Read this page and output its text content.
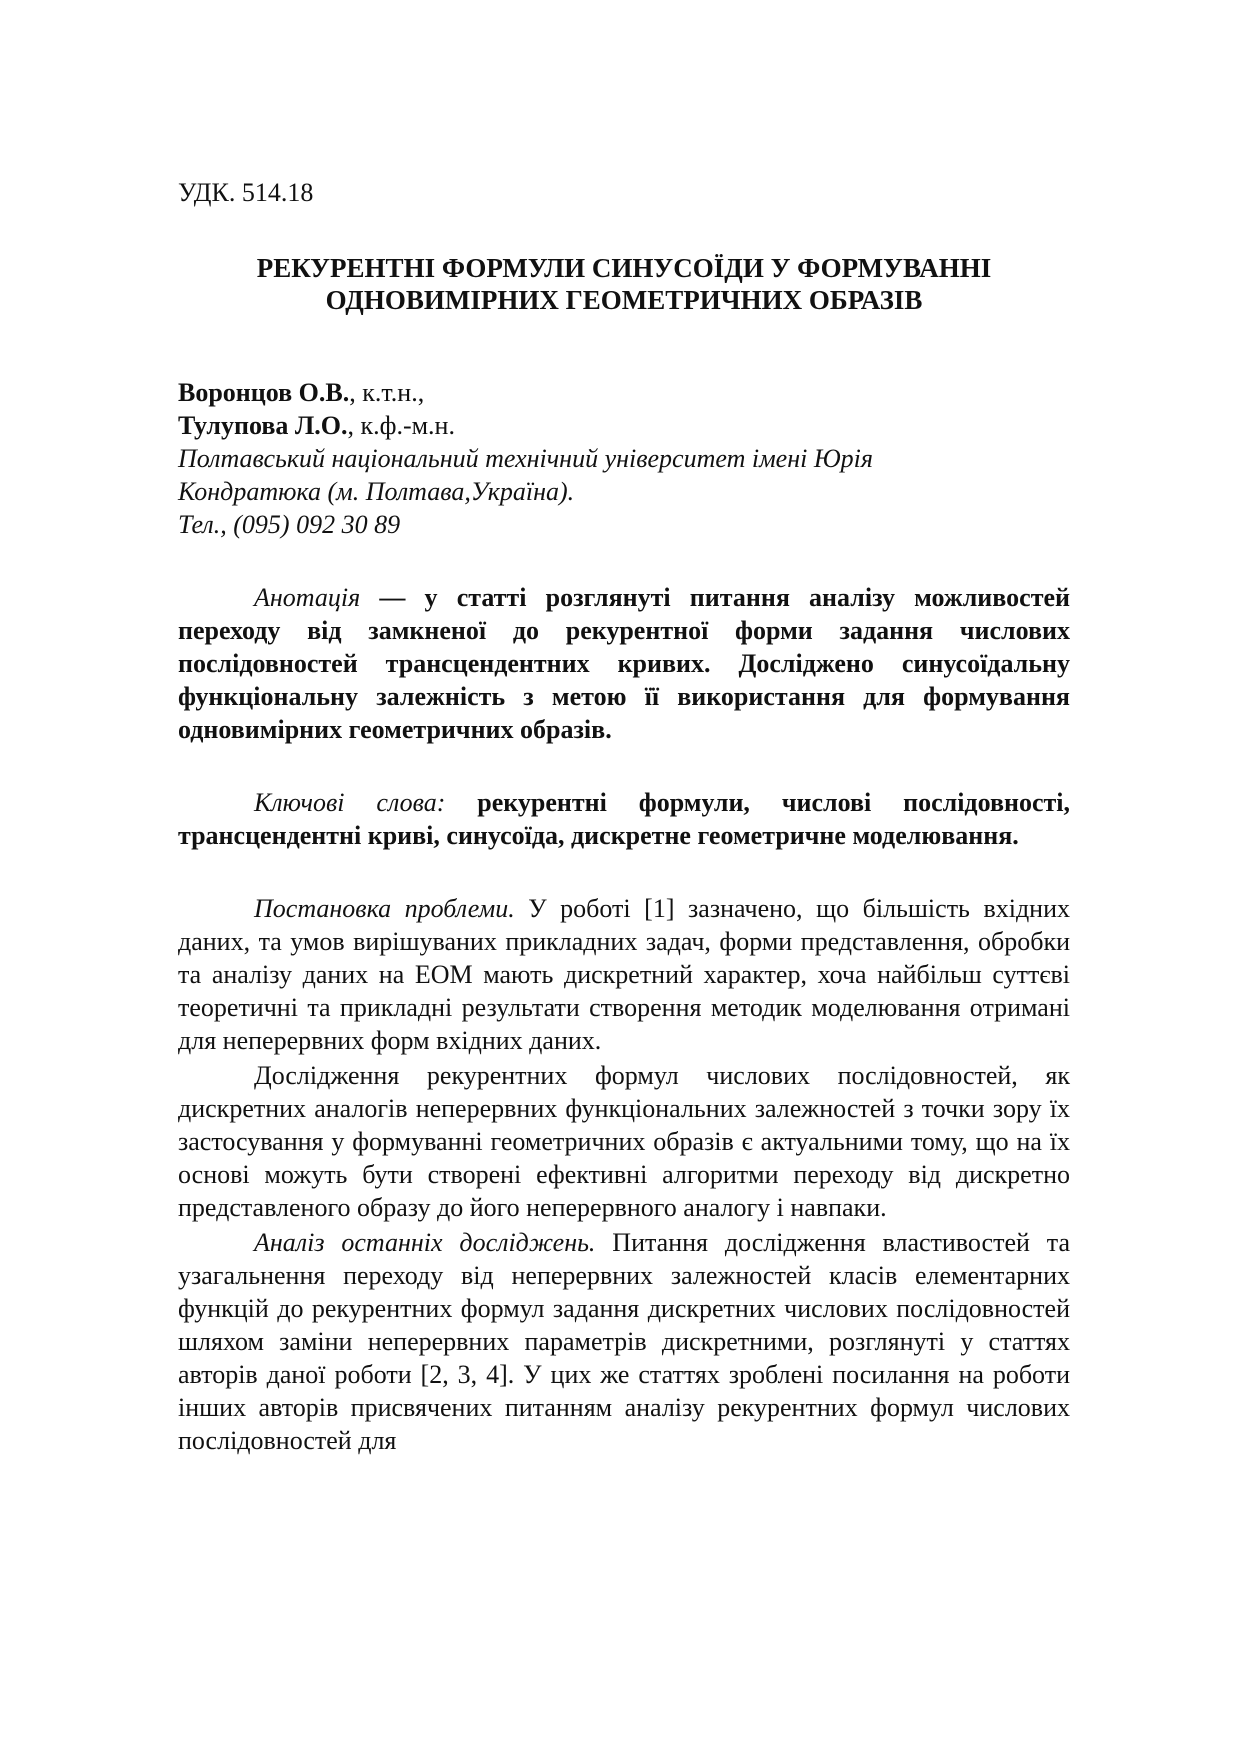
УДК. 514.18

РЕКУРЕНТНІ ФОРМУЛИ СИНУСОЇДИ У ФОРМУВАННІ
ОДНОВИМІРНИХ ГЕОМЕТРИЧНИХ ОБРАЗІВ
Воронцов О.В., к.т.н.,
Тулупова Л.О., к.ф.-м.н.
Полтавський національний технічний університет імені Юрія
Кондратюка (м. Полтава,Україна).
Тел., (095) 092 30 89

Анотація — у статті розглянуті питання аналізу можливостей переходу від замкненої до рекурентної форми задання числових послідовностей трансцендентних кривих. Досліджено синусоїдальну функціональну залежність з метою її використання для формування одновимірних геометричних образів.

Ключові слова: рекурентні формули, числові послідовності, трансцендентні криві, синусоїда, дискретне геометричне моделювання.

Постановка проблеми. У роботі [1] зазначено, що більшість вхідних даних, та умов вирішуваних прикладних задач, форми представлення, обробки та аналізу даних на ЕОМ мають дискретний характер, хоча найбільш суттєві теоретичні та прикладні результати створення методик моделювання отримані для неперервних форм вхідних даних.

Дослідження рекурентних формул числових послідовностей, як дискретних аналогів неперервних функціональних залежностей з точки зору їх застосування у формуванні геометричних образів є актуальними тому, що на їх основі можуть бути створені ефективні алгоритми переходу від дискретно представленого образу до його неперервного аналогу і навпаки.

Аналіз останніх досліджень. Питання дослідження властивостей та узагальнення переходу від неперервних залежностей класів елементарних функцій до рекурентних формул задання дискретних числових послідовностей шляхом заміни неперервних параметрів дискретними, розглянуті у статтях авторів даної роботи [2, 3, 4]. У цих же статтях зроблені посилання на роботи інших авторів присвячених питанням аналізу рекурентних формул числових послідовностей для
